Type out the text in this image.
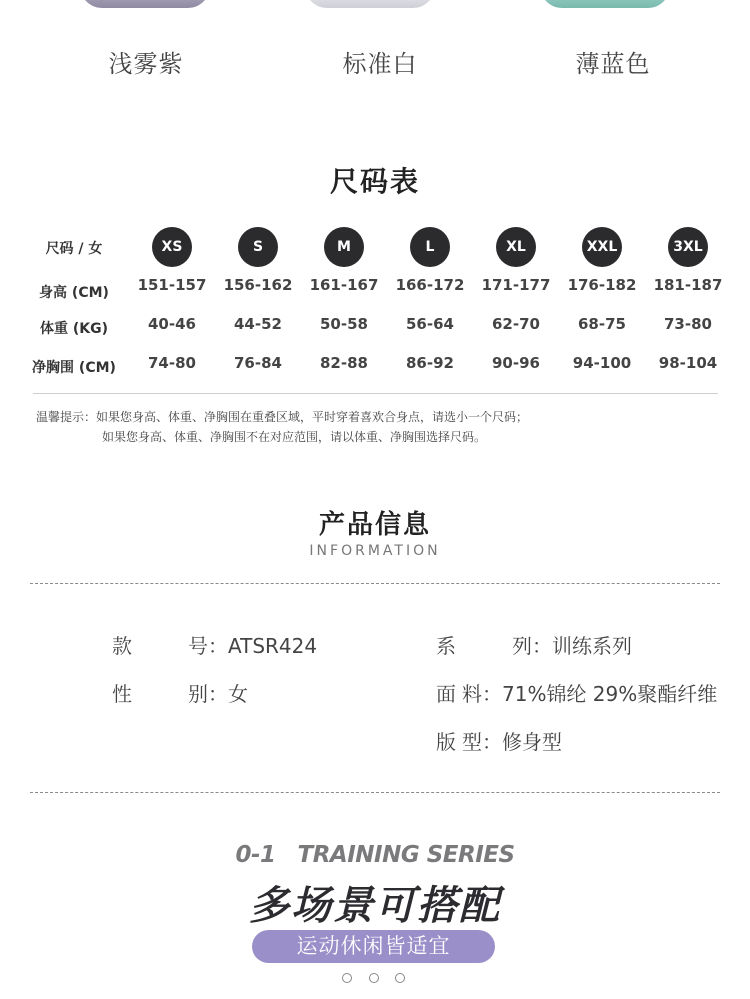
浅雾紫	标准白	薄蓝色
尺码表
尺码 / 女	XS	S	M	L	XL	XXL	3XL
身高 (CM)	151-157 156-162 161-167 166-172 171-177 176-182 181-187
体重 (KG)	40-46	44-52	50-58	56-64	62-70	68-75	73-80
净胸围 (CM)	74-80	76-84	82-88	86-92	90-96	94-100	98-104
温馨提示：如果您身高、体重、净胸围在重叠区域，平时穿着喜欢合身点，请选小一个尺码；
如果您身高、体重、净胸围不在对应范围，请以体重、净胸围选择尺码。
产品信息
INFORMATION
款号：ATSR424
性别：女
系列：训练系列
面料：71%锦纶 29%聚酯纤维
版型：修身型
0-1 TRAINING SERIES
多场景可搭配
运动休闲皆适宜
